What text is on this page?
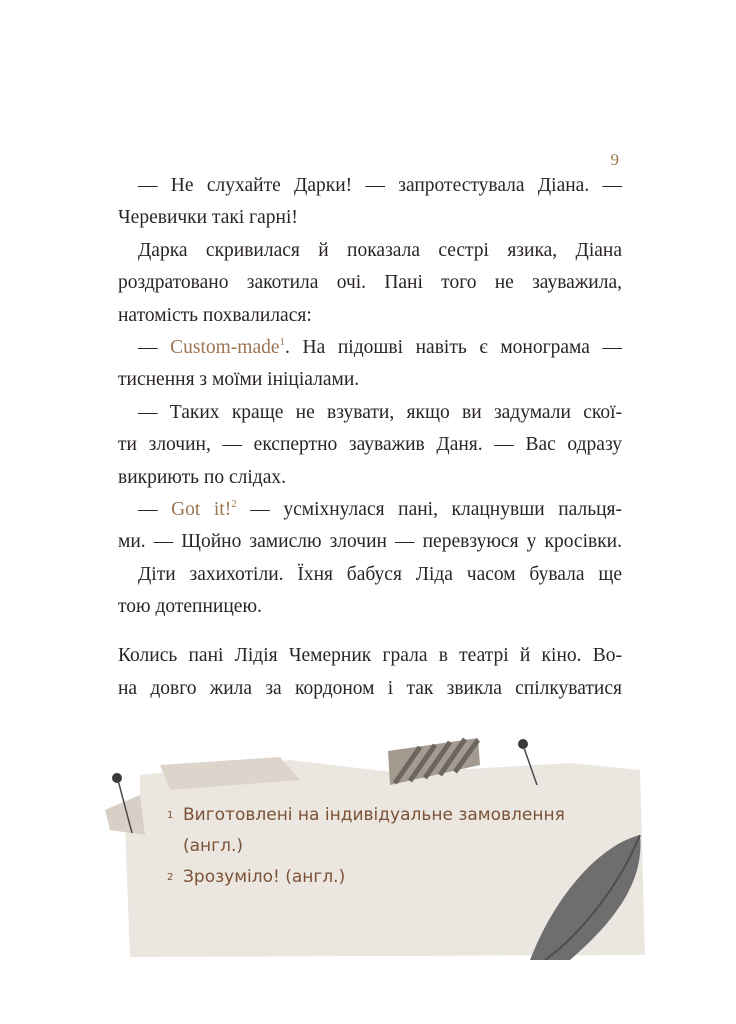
9
— Не слухайте Дарки! — запротестувала Діана. —
Черевички такі гарні!
Дарка скривилася й показала сестрі язика, Діана
роздратовано закотила очі. Пані того не зауважила,
натомість похвалилася:
— Custom-made$^1$. На підошві навіть є монограма —
тиснення з моїми ініціалами.
— Таких краще не взувати, якщо ви задумали скої-
ти злочин, — експертно зауважив Даня. — Вас одразу
викриють по слідах.
— Got it!$^2$ — усміхнулася пані, клацнувши пальця-
ми. — Щойно замислю злочин — перевзуюся у кросівки.
Діти захихотіли. Їхня бабуся Ліда часом бувала ще
тою дотепницею.
Колись пані Лідія Чемерник грала в театрі й кіно. Во-
на довго жила за кордоном і так звикла спілкуватися
1 Виготовлені на індивідуальне замовлення
(англ.)
2 Зрозуміло! (англ.)
